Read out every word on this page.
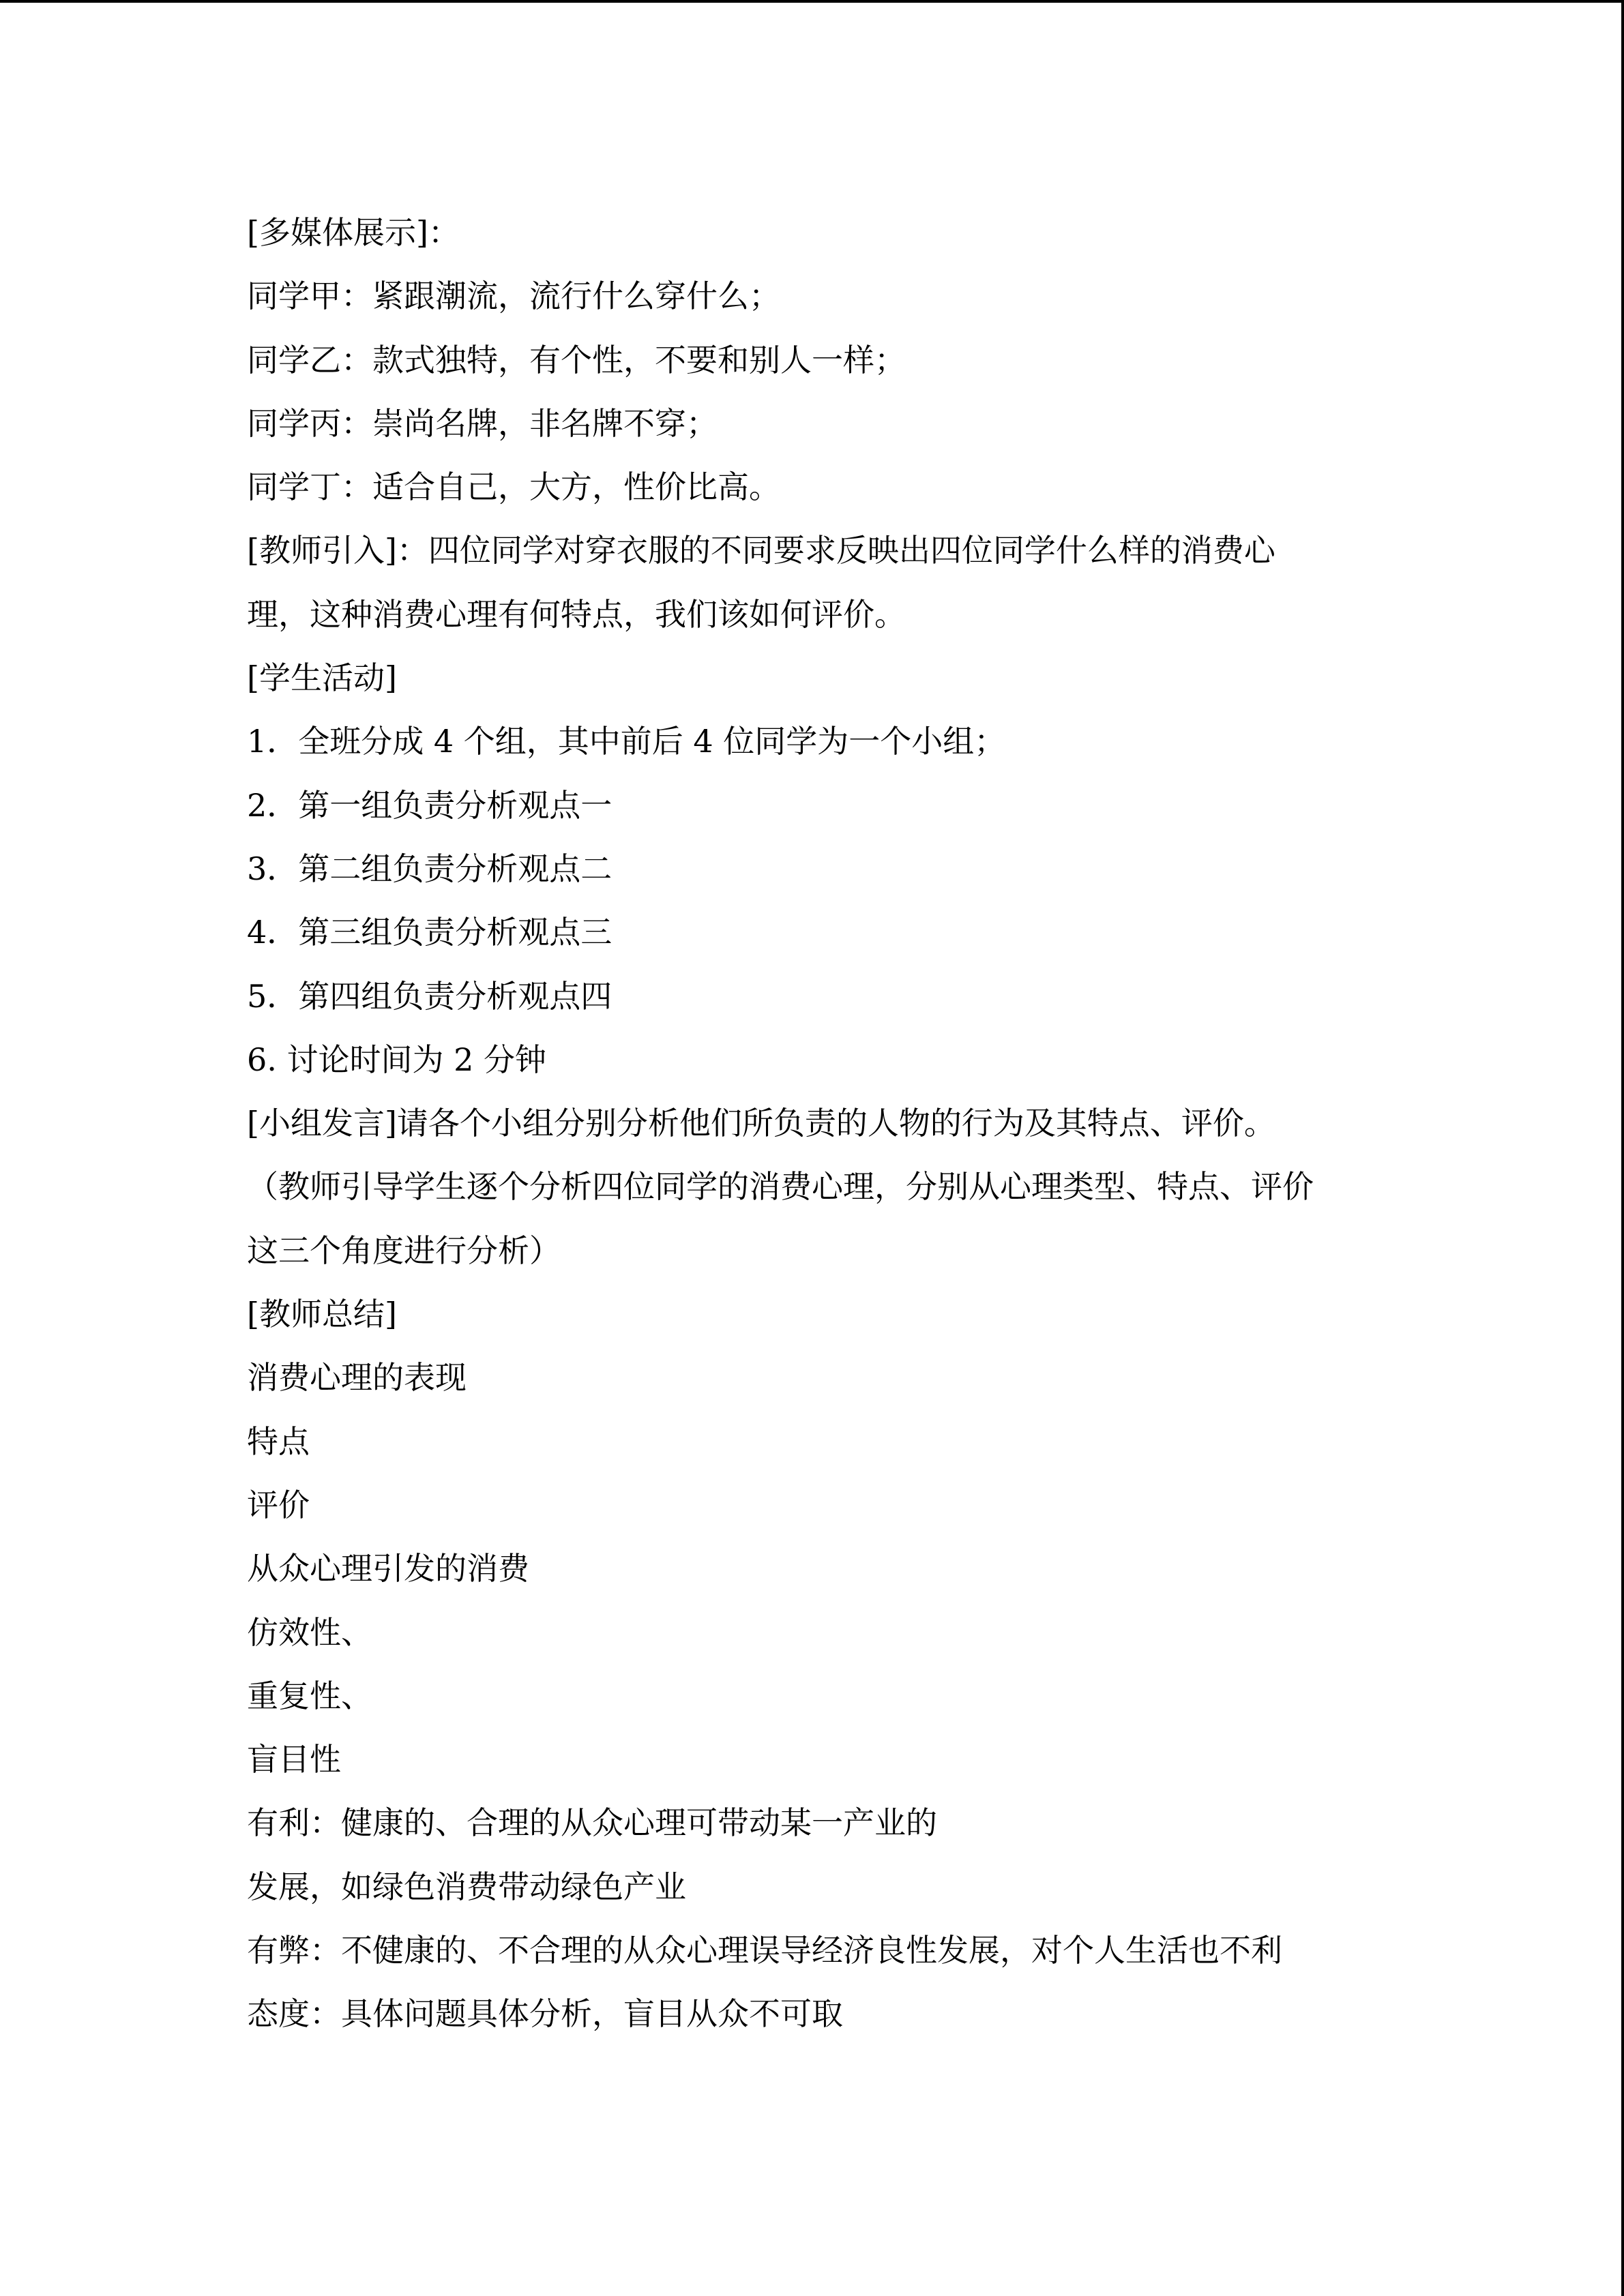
[多媒体展示]：
同学甲：紧跟潮流，流行什么穿什么；
同学乙：款式独特，有个性，不要和别人一样；
同学丙：崇尚名牌，非名牌不穿；
同学丁：适合自己，大方，性价比高。
[教师引入]：四位同学对穿衣服的不同要求反映出四位同学什么样的消费心
理，这种消费心理有何特点，我们该如何评价。
[学生活动]
1．全班分成 4 个组，其中前后 4 位同学为一个小组；
2．第一组负责分析观点一
3．第二组负责分析观点二
4．第三组负责分析观点三
5．第四组负责分析观点四
6. 讨论时间为 2 分钟
[小组发言]请各个小组分别分析他们所负责的人物的行为及其特点、评价。
（教师引导学生逐个分析四位同学的消费心理，分别从心理类型、特点、评价
这三个角度进行分析）
[教师总结]
消费心理的表现
特点
评价
从众心理引发的消费
仿效性、
重复性、
盲目性
有利：健康的、合理的从众心理可带动某一产业的
发展，如绿色消费带动绿色产业
有弊：不健康的、不合理的从众心理误导经济良性发展，对个人生活也不利
态度：具体问题具体分析，盲目从众不可取
